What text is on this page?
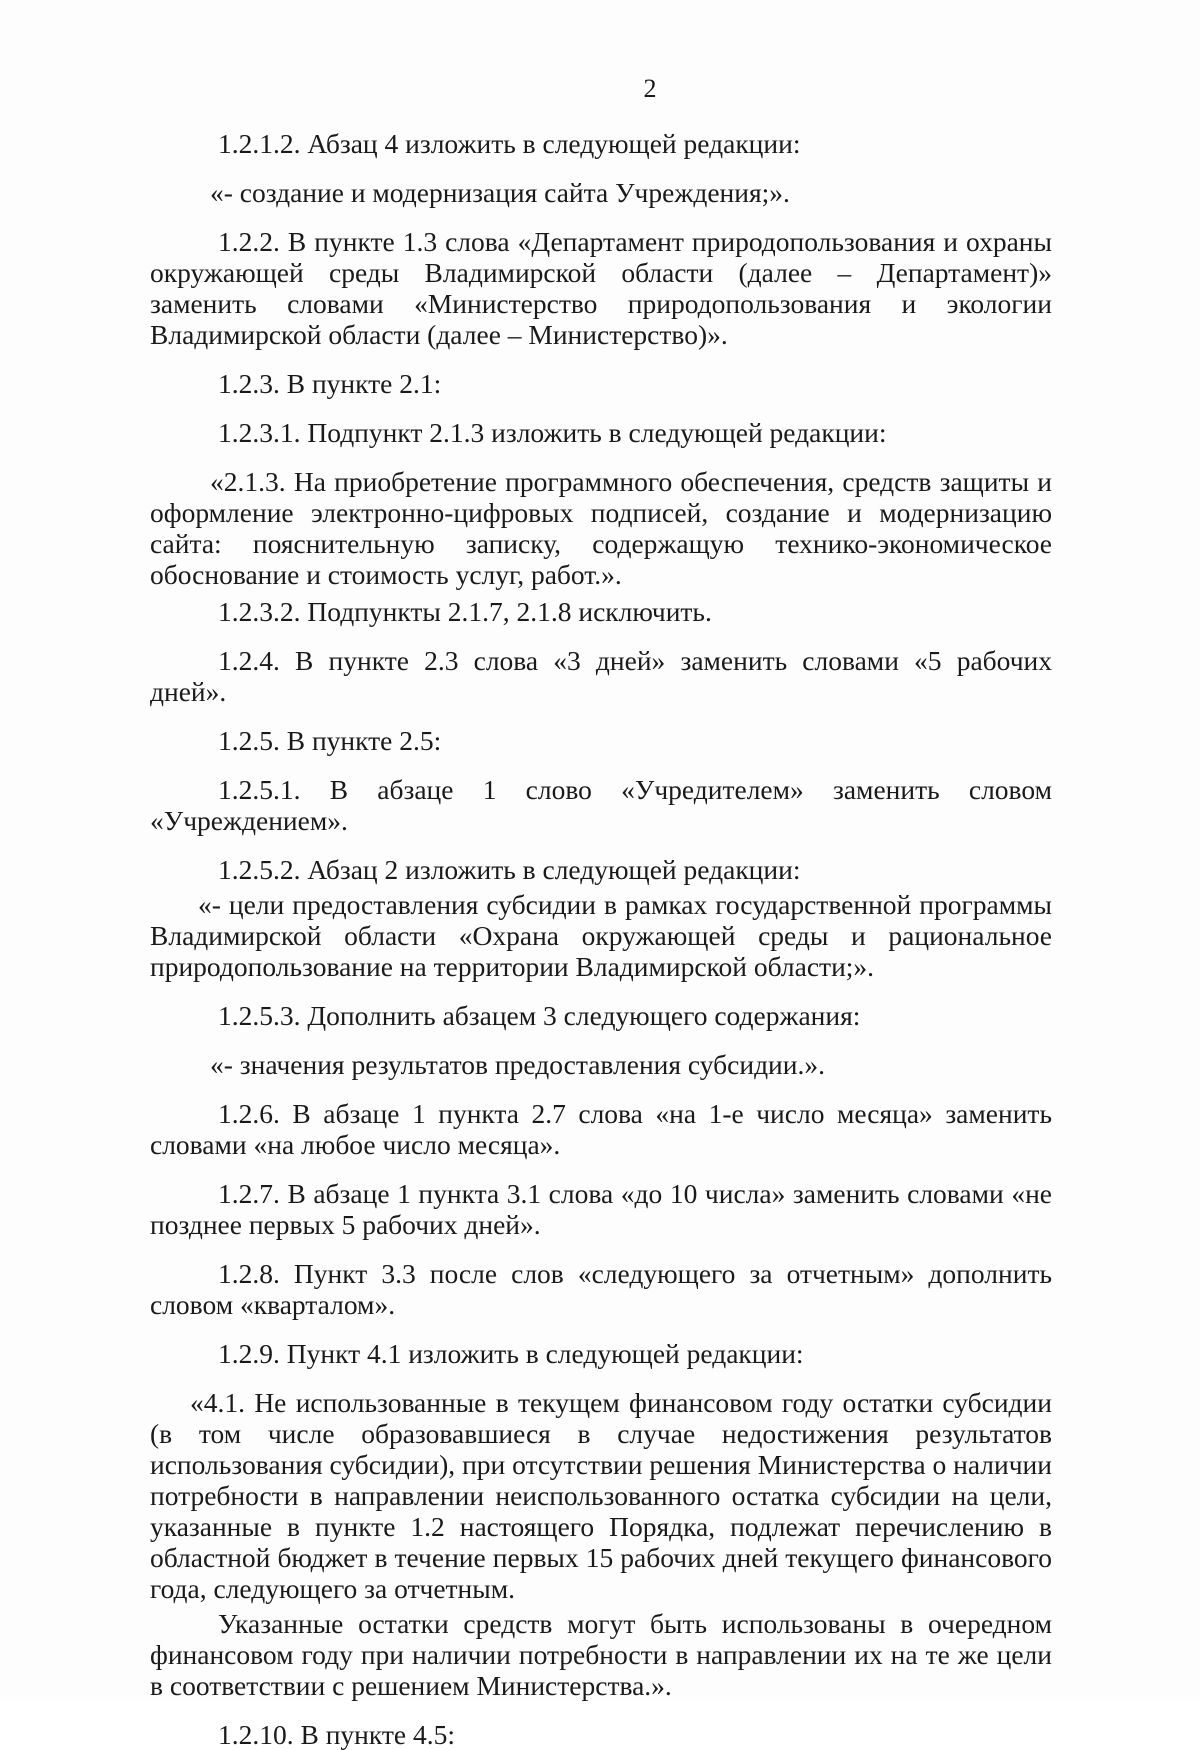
2

1.2.1.2. Абзац 4 изложить в следующей редакции:

«- создание и модернизация сайта Учреждения;».

1.2.2. В пункте 1.3 слова «Департамент природопользования и охраны окружающей среды Владимирской области (далее – Департамент)» заменить словами «Министерство природопользования и экологии Владимирской области (далее – Министерство)».

1.2.3. В пункте 2.1:

1.2.3.1. Подпункт 2.1.3 изложить в следующей редакции:

«2.1.3. На приобретение программного обеспечения, средств защиты и оформление электронно-цифровых подписей, создание и модернизацию сайта: пояснительную записку, содержащую технико-экономическое обоснование и стоимость услуг, работ.».

1.2.3.2. Подпункты 2.1.7, 2.1.8 исключить.

1.2.4. В пункте 2.3 слова «3 дней» заменить словами «5 рабочих дней».

1.2.5. В пункте 2.5:

1.2.5.1. В абзаце 1 слово «Учредителем» заменить словом «Учреждением».

1.2.5.2. Абзац 2 изложить в следующей редакции:

«- цели предоставления субсидии в рамках государственной программы Владимирской области «Охрана окружающей среды и рациональное природопользование на территории Владимирской области;».

1.2.5.3. Дополнить абзацем 3 следующего содержания:

«- значения результатов предоставления субсидии.».

1.2.6. В абзаце 1 пункта 2.7 слова «на 1-е число месяца» заменить словами «на любое число месяца».

1.2.7. В абзаце 1 пункта 3.1 слова «до 10 числа» заменить словами «не позднее первых 5 рабочих дней».

1.2.8. Пункт 3.3 после слов «следующего за отчетным» дополнить словом «кварталом».

1.2.9. Пункт 4.1 изложить в следующей редакции:

«4.1. Не использованные в текущем финансовом году остатки субсидии (в том числе образовавшиеся в случае недостижения результатов использования субсидии), при отсутствии решения Министерства о наличии потребности в направлении неиспользованного остатка субсидии на цели, указанные в пункте 1.2 настоящего Порядка, подлежат перечислению в областной бюджет в течение первых 15 рабочих дней текущего финансового года, следующего за отчетным.

Указанные остатки средств могут быть использованы в очередном финансовом году при наличии потребности в направлении их на те же цели в соответствии с решением Министерства.».

1.2.10. В пункте 4.5:
